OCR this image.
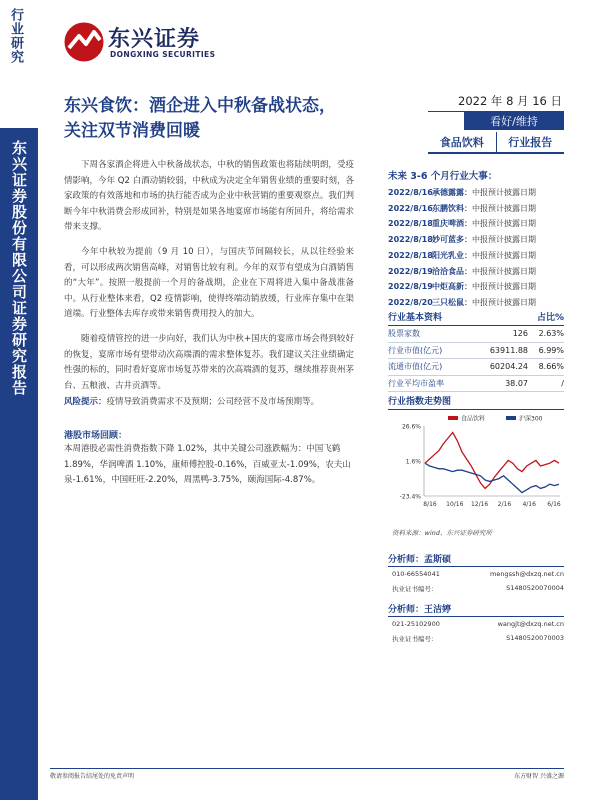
行业研究
东兴证券股份有限公司证券研究报告
东兴证券
DONGXING SECURITIES
东兴食饮：酒企进入中秋备战状态，
关注双节消费回暖
2022 年 8 月 16 日
看好/维持
食品饮料	行业报告

下周各家酒企将进入中秋备战状态，中秋的销售政策也将陆续明朗，受疫情影响，今年 Q2 白酒动销较弱，中秋成为决定全年销售业绩的重要时刻，各家政策的有效落地和市场的执行能否成为企业中秋营销的重要观察点。我们判断今年中秋消费会形成回补，特别是如果各地宴席市场能有所回升，将给需求带来支撑。

今年中秋较为提前（9 月 10 日），与国庆节间隔较长，从以往经验来看，可以形成两次销售高峰，对销售比较有利。今年的双节有望成为白酒销售的“大年”。按照一般提前一个月的备战期，企业在下周将进入集中备战准备中。从行业整体来看，Q2 疫情影响，使得终端动销放缓，行业库存集中在渠道端。行业整体去库存或带来销售费用投入的加大。

随着疫情管控的进一步向好，我们认为中秋+国庆的宴席市场会得到较好的恢复，宴席市场有望带动次高端酒的需求整体复苏。我们建议关注业绩确定性强的标的，同时看好宴席市场复苏带来的次高端酒的复苏，继续推荐贵州茅台、五粮液、古井贡酒等。

风险提示：疫情导致消费需求不及预期；公司经营不及市场预期等。
港股市场回顾：
本周港股必需性消费指数下降 1.02%，其中关键公司涨跌幅为：中国飞鹤 1.89%，华润啤酒 1.10%，康师傅控股-0.16%，百威亚太-1.09%，农夫山泉-1.61%，中国旺旺-2.20%，周黑鸭-3.75%，颐海国际-4.87%。
未来 3-6 个月行业大事：
2022/8/16承德露露：中报预计披露日期
2022/8/16东鹏饮料：中报预计披露日期
2022/8/18重庆啤酒：中报预计披露日期
2022/8/18妙可蓝多：中报预计披露日期
2022/8/18阳光乳业：中报预计披露日期
2022/8/19洽洽食品：中报预计披露日期
2022/8/19中炬高新：中报预计披露日期
2022/8/20三只松鼠：中报预计披露日期
行业基本资料	占比%
股票家数	126	2.63%
行业市值(亿元)	63911.88	6.99%
流通市值(亿元)	60204.24	8.66%
行业平均市盈率	38.07	/
行业指数走势图
26.6%
1.6%
-23.4%
8/16 10/16 12/16 2/16 4/16 6/16
食品饮料	沪深300
资料来源：wind、东兴证券研究所
分析师：孟斯硕
010-66554041	mengssh@dxzq.net.cn
执业证书编号：	S1480520070004
分析师：王洁婷
021-25102900	wangjt@dxzq.net.cn
执业证书编号：	S1480520070003
敬请参阅报告结尾处的免责声明	东方财智 兴盛之源
